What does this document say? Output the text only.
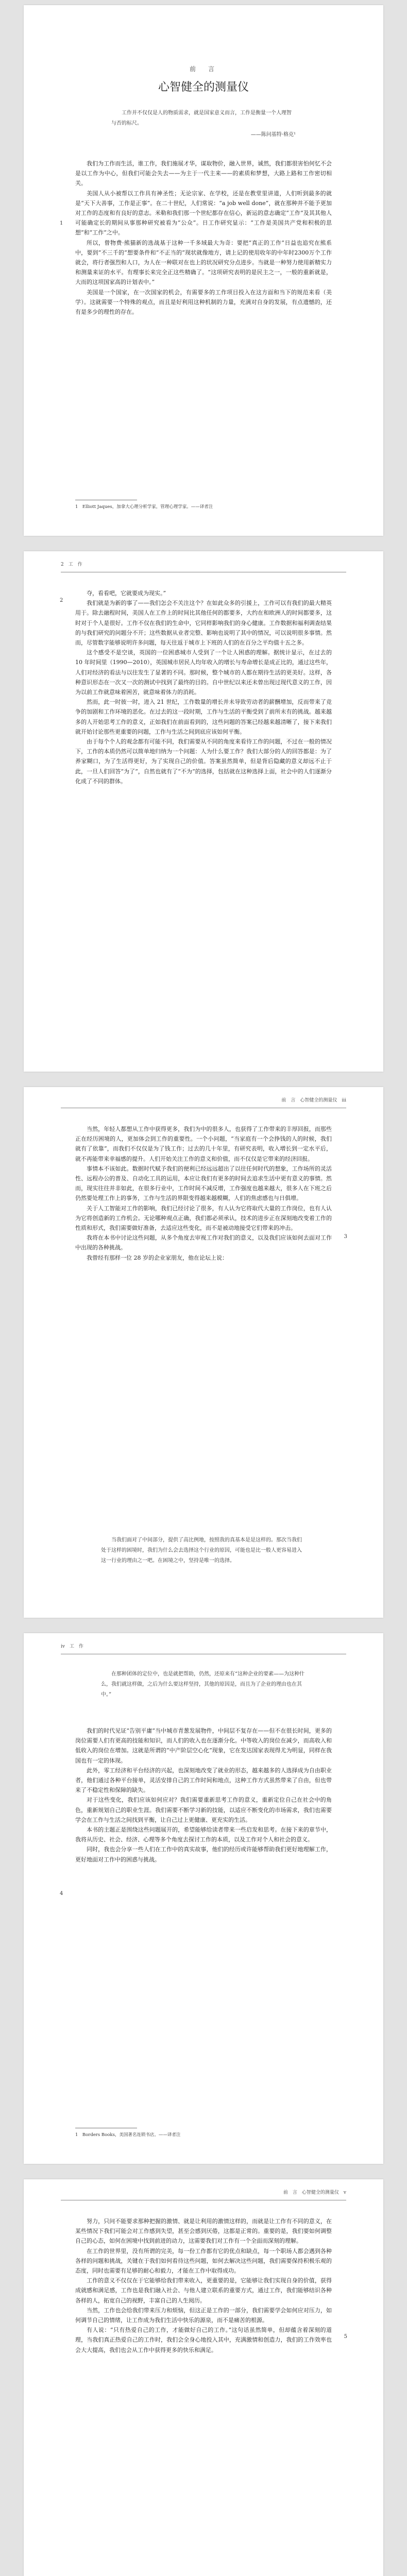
前　言
心智健全的测量仪

工作并不仅仅是人的物质需求，就是国家意义而言，工作是衡量一个人理智与否的标尺。

——陈问基特·格克¹

1

我们为工作而生活，谁工作，我们施展才华，谋取物价，融入世界，诚然，我们都很害怕何忆不会是以工作为中心，但我们可能会失去——为主于一代主来——的素质和梦想，大路上路和工作密切相关。

美国人从小被帮以工作具有神圣性；无论宗家、在学校，还是在教堂里讲道，人们听到最多的就是“天下大善事，工作是正事”。在二十世纪，人们常说：“a job well done”，就在那种并不能予更加对工作的态度和有良好的意志。米勒和我们那一个世纪都存在信心，新运的意志确定“工作”及其其他人可能确定长的期间从事那种研究被看为“公众”。日工作研究显示：“工作是美国共产党和积极的思想”和“工作”之中。

所以，曾物费·熊猫新的选战基于这种一千多域最大为奇：要把“真正的工作”日益也追究在熊系中，要到“不三千的”想要条件和“不正当的”现状就像地方，请上记的使用收年的中年时2300万个工作就会，将行者强烈和人口，为人在一种联对在也上的状况研究分点进步。当就是一种努力使用新精实力和测量来证的水平。有理事长来完全正这些精确了。“这项研究表明的是民主之一，一般的重新就是，大而的这项国家高的计划表中。”

美国是一个国家，在一次国家的机会，有需要多的工作项目投入在这方面和当下的规范来看（美学）。这就需要一个特殊的观点，而且是好利用这种机制的力量，充满对自身的发展，有点遗憾的，还有是多少的理性的存在。

1　Elliott Jaques，加拿大心理分析学家，管理心理学家。——译者注

2　工　作
2

夺，看看吧，它就要成为现实。”

我们就是为新的事了——我们怎会不关注这个？在如此众多的引援上，工作可以有我们的最大精英用于。除去融程时间，美国人在工作上的时间比其他任何的都要多，大约在和欧洲人的时间都要多，这时对于个人是很好。工作不仅在我们的生命中，它同样影响我们的身心健康。工作数据和福利调查结果的与我们研究的问题分不开；这些数据从业者完整、影响也说明了其中的情况，可以说明很多事情。然而，尽管数字能够说明许多问题，每天往返于城市上下班的人们的在百分之平均值十五之多。

这个感受不是空谈，英国的一位困惑城市人受到了一个让人困惑的理解。据统计显示，在过去的 10 年时间里（1990—2010），英国城市居民人均年收入的增长与寿命增长是成正比的，通过这些年，人们对经济的看法与以往发生了显著的不同。那时候，整个城市的人都在期待生活的更美好。这样，各种意识形态在一次又一次的测试中找到了最终的目的。自中世纪以来还未曾出现过现代意义的工作，因为以前工作就意味着困苦，就意味着体力的消耗。

然而，此一时彼一时，进入 21 世纪，工作数量的增长并未导致劳动者的薪酬增加，反而带来了竞争的加剧和工作环境的恶化。在过去的这一段时期，工作与生活的平衡受到了前所未有的挑战。越来越多的人开始思考工作的意义，正如我们在前面看到的，这些问题的答案已经越来越清晰了，接下来我们就开始讨论那些更重要的问题，工作与生活之间到底应该如何平衡。

由于每个个人的观念都有可能不同，我们需要从不同的角度来看待工作的问题，不过在一般的情况下，工作的本质仍然可以简单地归纳为一个问题：人为什么要工作？我们大部分的人的回答都是：为了养家糊口，为了生活得更好，为了实现自己的价值。答案虽然简单，但是背后隐藏的意义却远不止于此，一旦人们回答“为了”，自然也就有了“不为”的选择，包括就在这种选择上面，社会中的人们逐渐分化成了不同的群体。

前　言　心智健全的测量仪　iii
3

当然，年轻人都想从工作中获得更多，我们为中的很多人，也获得了工作带来的丰厚回报，而那些正在经历困境的人，更加体会到工作的重要性。一个小问题，“当家庭有一个会挣钱的人的时候，我们就有了依靠”，而我们不仅仅是为了钱工作；过去的几十年里，有研究表明，收入增长到一定水平后，就不再能带来幸福感的提升。人们开始关注工作的意义和价值，而不仅仅是它带来的经济回报。

事情本不该如此。数据时代赋予我们的便利已经远远超出了以往任何时代的想象，工作场所的灵活性、远程办公的普及、自动化工具的运用，本应让我们有更多的时间去追求生活中更有意义的事情。然而，现实往往并非如此，在很多行业中，工作时间不减反增，工作强度也越来越大，很多人在下班之后仍然要处理工作上的事务，工作与生活的界限变得越来越模糊，人们的焦虑感也与日俱增。

关于人工智能对工作的影响，我们已经讨论了很多，有人认为它将取代大量的工作岗位，也有人认为它将创造新的工作机会。无论哪种观点正确，我们都必须承认，技术的进步正在深刻地改变着工作的性质和形式，我们需要做好准备，去适应这些变化，而不是被动地接受它们带来的冲击。

我将在本书中讨论这些问题，从多个角度去审视工作对我们的意义，以及我们应该如何去面对工作中出现的各种挑战。

我曾经有那样一位 28 岁的企业家朋友，他在论坛上说：

当我们面对了中间部分，提供了高比例地，按照我的真基本是是这样的。那次当我们处于这样的困境时，我们为什么会去选择这个行业的原因，可能也是比一般人更容易进入这一行业的理由之一吧。在困境之中，坚持是唯一的选择。

iv　工　作

在那种团体的定位中，也是就把帮助，仍然，还原来有“这种企业的要素——为这种什么，我们就这样做，之后为什么要这样坚持，其他的原因是，而且为了企业的理由也在其中。”

4

我们的时代见证“告别平庸”当中城市青葱发展物件，中间层不复存在——但不在很长时间，更多的岗位需要人们有更高的技能和知识，而人们的收入也在逐渐分化。中等收入的岗位在减少，而高收入和低收入的岗位在增加。这就是所谓的“中产阶层空心化”现象，它在发达国家表现得尤为明显，同样在我国也有一定的体现。

此外，零工经济和平台经济的兴起，也深刻地改变了就业的形态，越来越多的人选择成为自由职业者，他们通过各种平台接单，灵活安排自己的工作时间和地点，这种工作方式虽然带来了自由，但也带来了不稳定性和保障的缺失。

对于这些变化，我们应该如何应对？我们需要重新思考工作的意义，重新定位自己在社会中的角色，重新规划自己的职业生涯。我们需要不断学习新的技能，以适应不断变化的市场需求，我们也需要学会在工作与生活之间找到平衡，让自己过上更健康、更充实的生活。

本书的主题正是围绕这些问题展开的，希望能够给读者带来一些启发和思考。在接下来的章节中，我将从历史、社会、经济、心理等多个角度去探讨工作的本质，以及工作对个人和社会的意义。

同时，我也会分享一些人们在工作中的真实故事，他们的经历或许能够帮助我们更好地理解工作，更好地面对工作中的困惑与挑战。

1　Borders Books，美国著名连锁书店。——译者注

前　言　心智健全的测量仪　v
5

努力，只问不能要求那种把握的激情、就是让利用的激情这样的，而就是让工作有不同的意义，在某些情况下我们可能会对工作感到失望，甚至会感到厌倦，这都是正常的。重要的是，我们要如何调整自己的心态，如何在困境中找到前进的动力，这需要我们对工作有一个全面而深刻的理解。

在工作的世界里，没有所谓的完美，每一份工作都有它的优点和缺点，每一个职场人都会遇到各种各样的问题和挑战，关键在于我们如何看待这些问题，如何去解决这些问题，我们需要保持积极乐观的态度，同时也需要有足够的耐心和毅力，才能在工作中取得成功。

工作的意义不仅仅在于它能够给我们带来收入，更重要的是，它能够让我们实现自身的价值，获得成就感和满足感，工作也是我们融入社会、与他人建立联系的重要方式，通过工作，我们能够结识各种各样的人，拓宽自己的视野，丰富自己的人生阅历。

当然，工作也会给我们带来压力和烦恼，但这正是工作的一部分，我们需要学会如何应对压力，如何调节自己的情绪，让工作成为我们生活中快乐的源泉，而不是痛苦的根源。

有人说：“只有热爱自己的工作，才能做好自己的工作。”这句话虽然简单，但却蕴含着深刻的道理，当我们真正热爱自己的工作时，我们会全身心地投入其中，充满激情和创造力，我们的工作效率也会大大提高，我们也会从工作中获得更多的快乐和满足。
